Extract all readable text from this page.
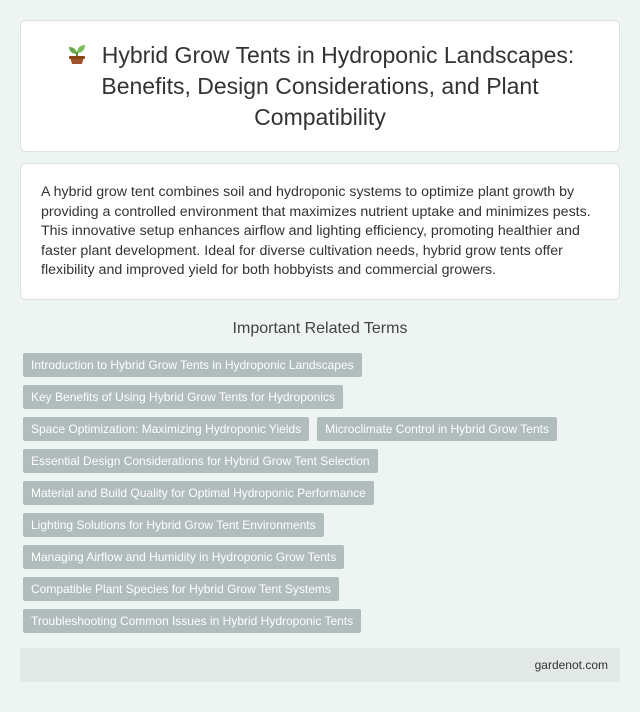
Hybrid Grow Tents in Hydroponic Landscapes: Benefits, Design Considerations, and Plant Compatibility

A hybrid grow tent combines soil and hydroponic systems to optimize plant growth by providing a controlled environment that maximizes nutrient uptake and minimizes pests. This innovative setup enhances airflow and lighting efficiency, promoting healthier and faster plant development. Ideal for diverse cultivation needs, hybrid grow tents offer flexibility and improved yield for both hobbyists and commercial growers.

Important Related Terms
Introduction to Hybrid Grow Tents in Hydroponic Landscapes
Key Benefits of Using Hybrid Grow Tents for Hydroponics
Space Optimization: Maximizing Hydroponic Yields	Microclimate Control in Hybrid Grow Tents
Essential Design Considerations for Hybrid Grow Tent Selection
Material and Build Quality for Optimal Hydroponic Performance
Lighting Solutions for Hybrid Grow Tent Environments
Managing Airflow and Humidity in Hydroponic Grow Tents
Compatible Plant Species for Hybrid Grow Tent Systems
Troubleshooting Common Issues in Hybrid Hydroponic Tents
gardenot.com
